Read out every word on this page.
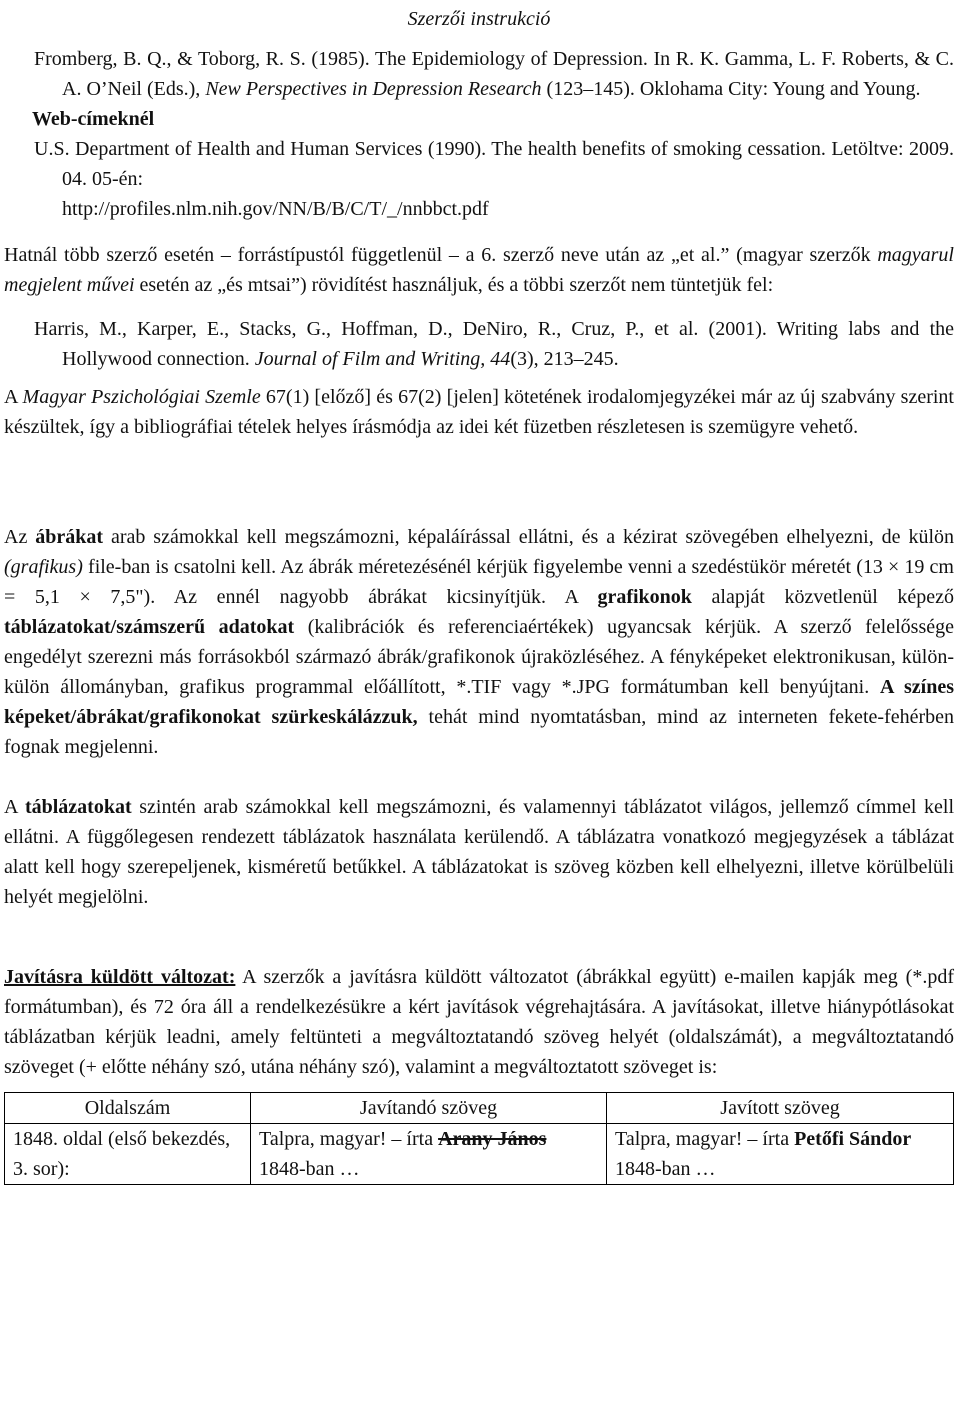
Szerzői instrukció

Fromberg, B. Q., & Toborg, R. S. (1985). The Epidemiology of Depression. In R. K. Gamma, L. F. Roberts, & C. A. O’Neil (Eds.), New Perspectives in Depression Research (123–145). Oklohama City: Young and Young.

Web-címeknél

U.S. Department of Health and Human Services (1990). The health benefits of smoking cessation. Letöltve: 2009. 04. 05-én:

http://profiles.nlm.nih.gov/NN/B/B/C/T/_/nnbbct.pdf

Hatnál több szerző esetén – forrástípustól függetlenül – a 6. szerző neve után az „et al.” (magyar szerzők magyarul megjelent művei esetén az „és mtsai”) rövidítést használjuk, és a többi szerzőt nem tüntetjük fel:

Harris, M., Karper, E., Stacks, G., Hoffman, D., DeNiro, R., Cruz, P., et al. (2001). Writing labs and the Hollywood connection. Journal of Film and Writing, 44(3), 213–245.

A Magyar Pszichológiai Szemle 67(1) [előző] és 67(2) [jelen] kötetének irodalomjegyzékei már az új szabvány szerint készültek, így a bibliográfiai tételek helyes írásmódja az idei két füzetben részletesen is szemügyre vehető.

Az ábrákat arab számokkal kell megszámozni, képaláírással ellátni, és a kézirat szövegében elhelyezni, de külön (grafikus) file-ban is csatolni kell. Az ábrák méretezésénél kérjük figyelembe venni a szedéstükör méretét (13 × 19 cm = 5,1 × 7,5"). Az ennél nagyobb ábrákat kicsinyítjük. A grafikonok alapját közvetlenül képező táblázatokat/számszerű adatokat (kalibrációk és referenciaértékek) ugyancsak kérjük. A szerző felelőssége engedélyt szerezni más forrásokból származó ábrák/grafikonok újraközléséhez. A fényképeket elektronikusan, külön-külön állományban, grafikus programmal előállított, *.TIF vagy *.JPG formátumban kell benyújtani. A színes képeket/ábrákat/grafikonokat szürkeskálázzuk, tehát mind nyomtatásban, mind az interneten fekete-fehérben fognak megjelenni.

A táblázatokat szintén arab számokkal kell megszámozni, és valamennyi táblázatot világos, jellemző címmel kell ellátni. A függőlegesen rendezett táblázatok használata kerülendő. A táblázatra vonatkozó megjegyzések a táblázat alatt kell hogy szerepeljenek, kisméretű betűkkel. A táblázatokat is szöveg közben kell elhelyezni, illetve körülbelüli helyét megjelölni.

Javításra küldött változat: A szerzők a javításra küldött változatot (ábrákkal együtt) e-mailen kapják meg (*.pdf formátumban), és 72 óra áll a rendelkezésükre a kért javítások végrehajtására. A javításokat, illetve hiánypótlásokat táblázatban kérjük leadni, amely feltünteti a megváltoztatandó szöveg helyét (oldalszámát), a megváltoztatandó szöveget (+ előtte néhány szó, utána néhány szó), valamint a megváltoztatott szöveget is:

Oldalszám	Javítandó szöveg	Javított szöveg
1848. oldal (első bekezdés, 3. sor):	Talpra, magyar! – írta Arany János 1848-ban …	Talpra, magyar! – írta Petőfi Sándor 1848-ban …
